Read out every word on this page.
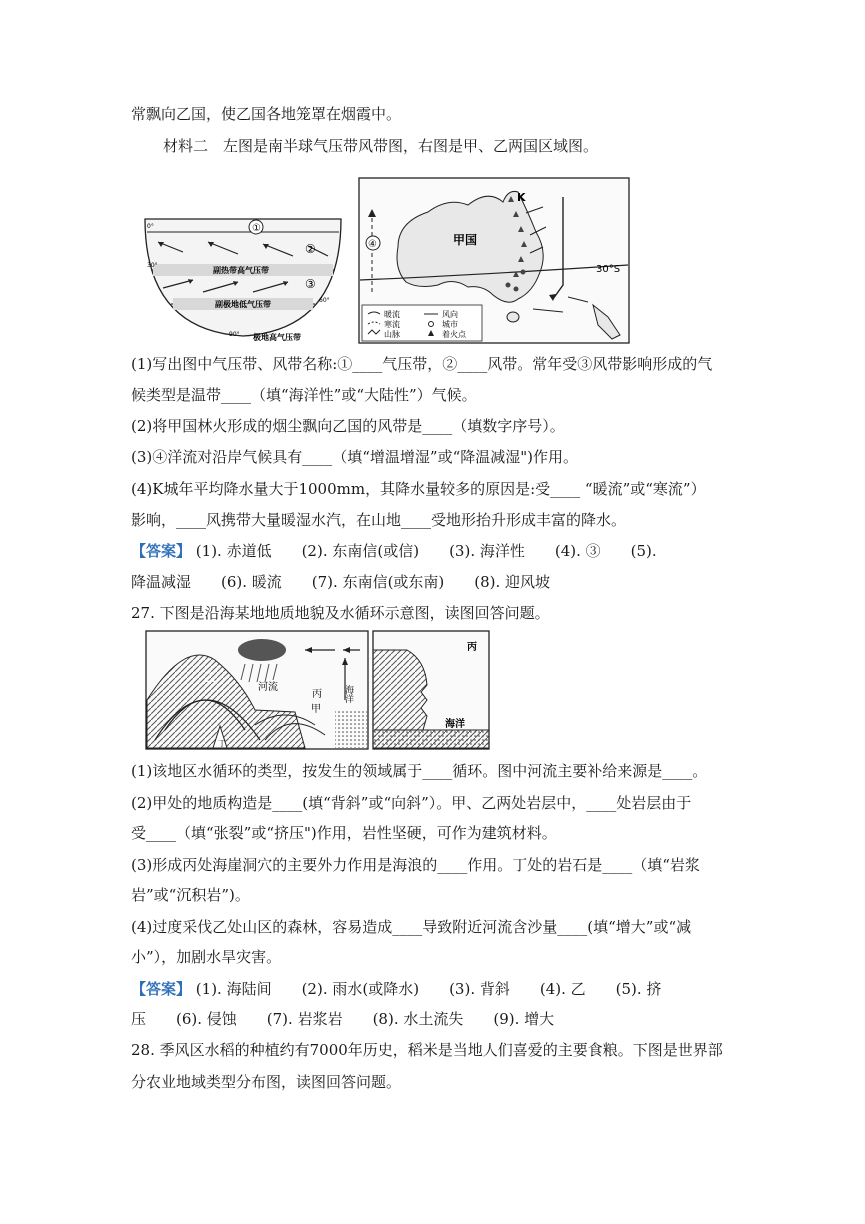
常飘向乙国，使乙国各地笼罩在烟霞中。
材料二　左图是南半球气压带风带图，右图是甲、乙两国区域图。
①
②
③
0°
30°
60°
90°
副热带高气压带
副极地低气压带
极地高气压带
K
甲国
30°S
④
暖流
寒流
山脉
风向
城市
着火点
(1)写出图中气压带、风带名称:①____气压带，②____风带。常年受③风带影响形成的气
候类型是温带____（填“海洋性”或“大陆性”）气候。
(2)将甲国林火形成的烟尘飘向乙国的风带是____（填数字序号）。
(3)④洋流对沿岸气候具有____（填“增温增湿”或“降温减湿")作用。
(4)K城年平均降水量大于1000mm，其降水量较多的原因是:受____ “暖流”或“寒流”）
影响，____风携带大量暖湿水汽，在山地____受地形抬升形成丰富的降水。
【答案】 (1). 赤道低　　(2). 东南信(或信)　　(3). 海洋性　　(4). ③　　(5).
降温减湿　　(6). 暖流　　(7). 东南信(或东南)　　(8). 迎风坡
27. 下图是沿海某地地质地貌及水循环示意图，读图回答问题。
乙
河流
丙
甲
丁
海洋
丙
海洋
(1)该地区水循环的类型，按发生的领域属于____循环。图中河流主要补给来源是____。
(2)甲处的地质构造是____(填“背斜”或“向斜”）。甲、乙两处岩层中，____处岩层由于
受____（填“张裂”或“挤压")作用，岩性坚硬，可作为建筑材料。
(3)形成丙处海崖洞穴的主要外力作用是海浪的____作用。丁处的岩石是____（填“岩浆
岩”或“沉积岩”)。
(4)过度采伐乙处山区的森林，容易造成____导致附近河流含沙量____(填“增大”或“减
小”），加剧水旱灾害。
【答案】 (1). 海陆间　　(2). 雨水(或降水)　　(3). 背斜　　(4). 乙　　(5). 挤
压　　(6). 侵蚀　　(7). 岩浆岩　　(8). 水土流失　　(9). 增大
28. 季风区水稻的种植约有7000年历史，稻米是当地人们喜爱的主要食粮。下图是世界部
分农业地域类型分布图，读图回答问题。
